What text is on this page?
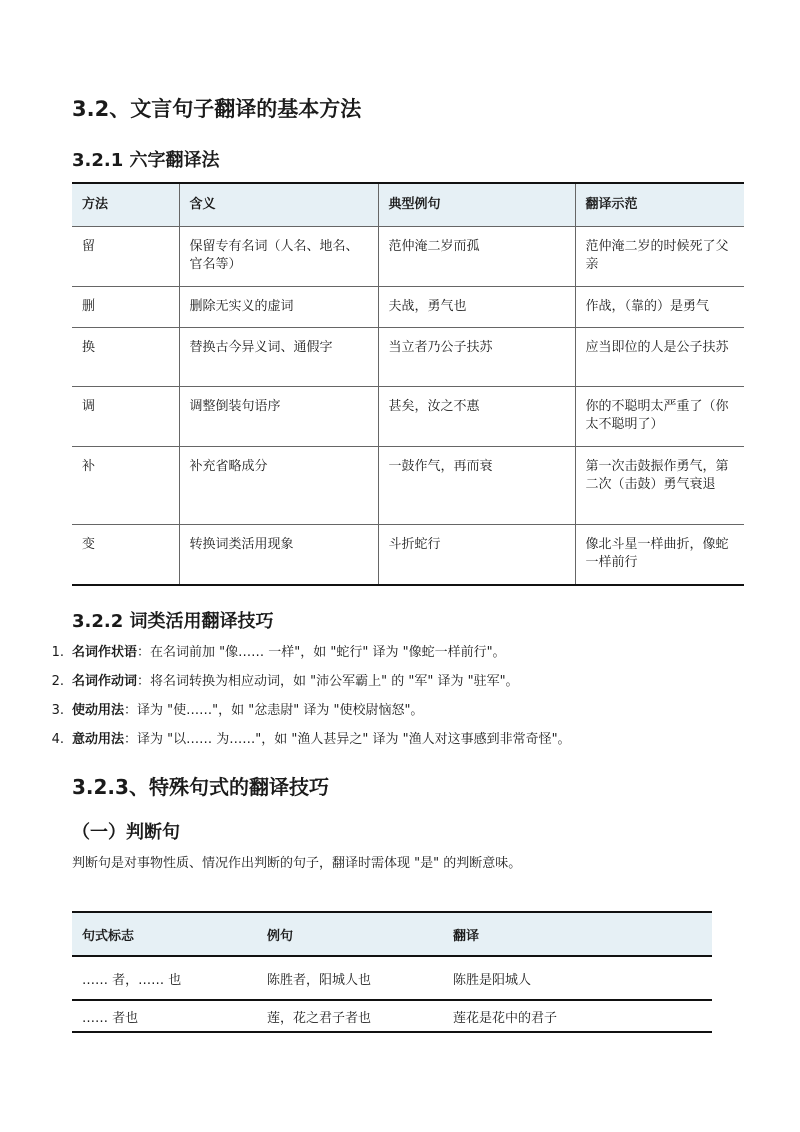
3.2、文言句子翻译的基本方法
3.2.1 六字翻译法
方法	含义	典型例句	翻译示范
留	保留专有名词（人名、地名、官名等）	范仲淹二岁而孤	范仲淹二岁的时候死了父亲
删	删除无实义的虚词	夫战，勇气也	作战，（靠的）是勇气
换	替换古今异义词、通假字	当立者乃公子扶苏	应当即位的人是公子扶苏
调	调整倒装句语序	甚矣，汝之不惠	你的不聪明太严重了（你太不聪明了）
补	补充省略成分	一鼓作气，再而衰	第一次击鼓振作勇气，第二次（击鼓）勇气衰退
变	转换词类活用现象	斗折蛇行	像北斗星一样曲折，像蛇一样前行
3.2.2 词类活用翻译技巧
1. 名词作状语：在名词前加 "像…… 一样"，如 "蛇行" 译为 "像蛇一样前行"。
2. 名词作动词：将名词转换为相应动词，如 "沛公军霸上" 的 "军" 译为 "驻军"。
3. 使动用法：译为 "使……"，如 "忿恚尉" 译为 "使校尉恼怒"。
4. 意动用法：译为 "以…… 为……"，如 "渔人甚异之" 译为 "渔人对这事感到非常奇怪"。
3.2.3、特殊句式的翻译技巧
（一）判断句

判断句是对事物性质、情况作出判断的句子，翻译时需体现 "是" 的判断意味。

句式标志	例句	翻译
…… 者，…… 也	陈胜者，阳城人也	陈胜是阳城人
…… 者也	莲，花之君子者也	莲花是花中的君子
